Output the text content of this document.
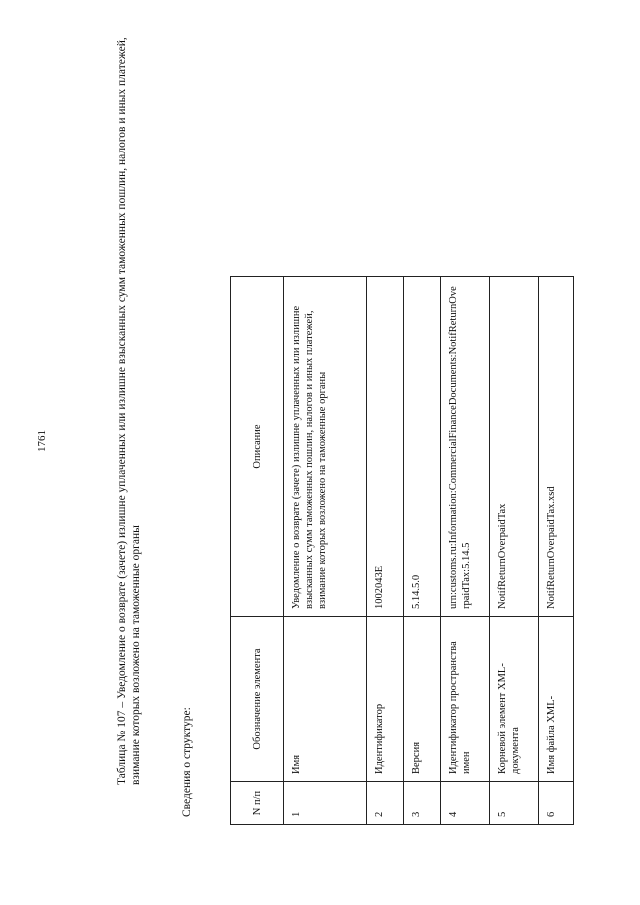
1761	Таблица № 107 – Уведомление о возврате (зачете) излишне уплаченных или излишне взысканных сумм таможенных пошлин, налогов и иных платежей, взимание которых возложено на таможенные органы	Сведения о структуре:	N п/п	Обозначение элемента	Описание
1	Имя	Уведомление о возврате (зачете) излишне уплаченных или излишне взысканных сумм таможенных пошлин, налогов и иных платежей, взимание которых возложено на таможенные органы
2	Идентификатор	1002043E
3	Версия	5.14.5.0
4	Идентификатор пространства имен	urn:customs.ru:Information:CommercialFinanceDocuments:NotifReturnOverpaidTax:5.14.5
5	Корневой элемент XML-документа	NotifReturnOverpaidTax
6	Имя файла XML-	NotifReturnOverpaidTax.xsd
